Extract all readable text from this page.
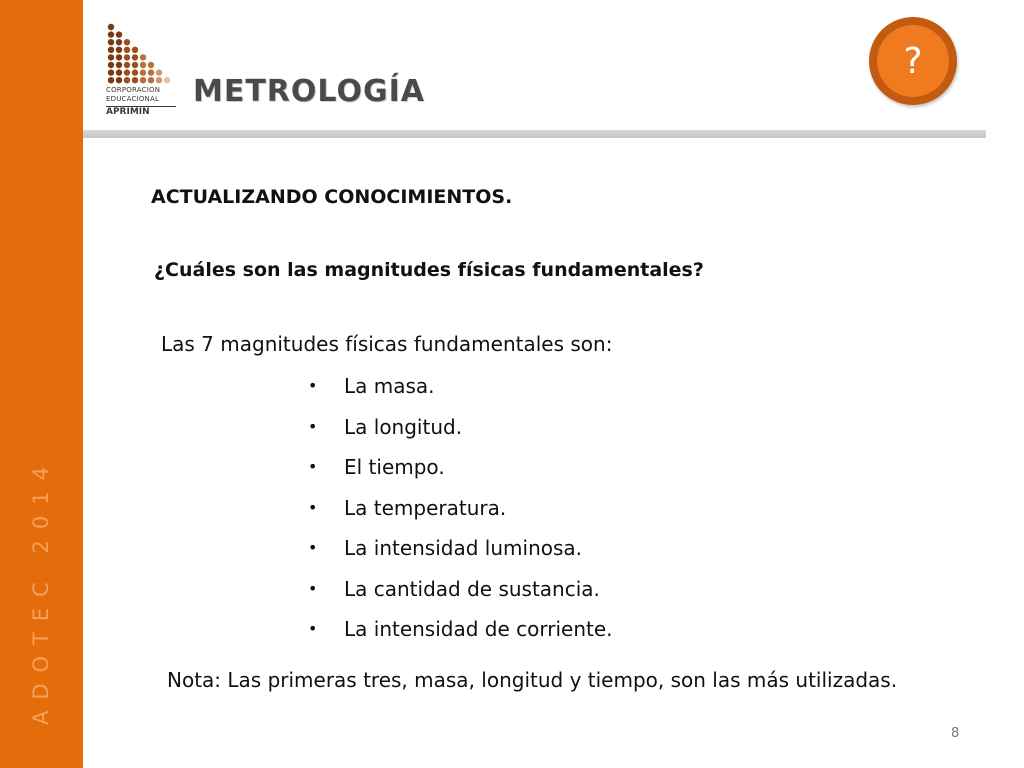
ADOTEC 2014
CORPORACION
EDUCACIONAL
APRIMIN
METROLOGÍA
?
ACTUALIZANDO CONOCIMIENTOS.
¿Cuáles son las magnitudes físicas fundamentales?
Las 7 magnitudes físicas fundamentales son:
•	La masa.
•	La longitud.
•	El tiempo.
•	La temperatura.
•	La intensidad luminosa.
•	La cantidad de sustancia.
•	La intensidad de corriente.
Nota: Las primeras tres, masa, longitud y tiempo, son las más utilizadas.
8
